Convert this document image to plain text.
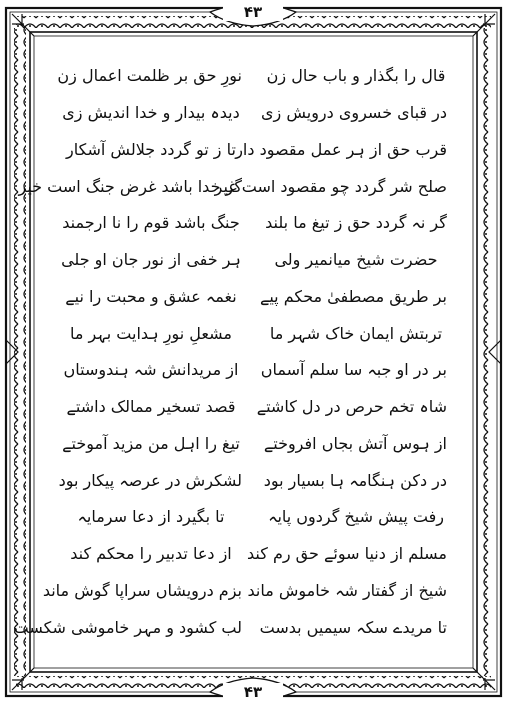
۴۳
۴۳
قال را بگذار و باب حال زن
نورِ حق بر ظلمت اعمال زن
در قبای خسروی درویش زی
دیدہ بیدار و خدا اندیش زی
قرب حق از ہر عمل مقصود دار
تا ز تو گردد جلالش آشکار
صلح شر گردد چو مقصود است غیر
گر خدا باشد غرض جنگ است خیر
گر نہ گردد حق ز تیغ ما بلند
جنگ باشد قوم را نا ارجمند
حضرت شیخ میانمیر ولی
ہر خفی از نور جان او جلی
بر طریق مصطفیٰ محکم پیے
نغمہ عشق و محبت را نیے
تربتش ایمان خاک شہر ما
مشعلِ نورِ ہدایت بہر ما
بر در او جبہ سا سلم آسماں
از مریدانش شہ ہندوستاں
شاہ تخم حرص در دل کاشتے
قصد تسخیر ممالک داشتے
از ہوس آتش بجاں افروختے
تیغ را اہل من مزید آموختے
در دکن ہنگامہ ہا بسیار بود
لشکرش در عرصہ پیکار بود
رفت پیش شیخ گردوں پایہ
تا بگیرد از دعا سرمایہ
مسلم از دنیا سوئے حق رم کند
از دعا تدبیر را محکم کند
شیخ از گفتار شہ خاموش ماند
بزم درویشاں سراپا گوش ماند
تا مریدے سکہ سیمیں بدست
لب کشود و مہر خاموشی شکست
